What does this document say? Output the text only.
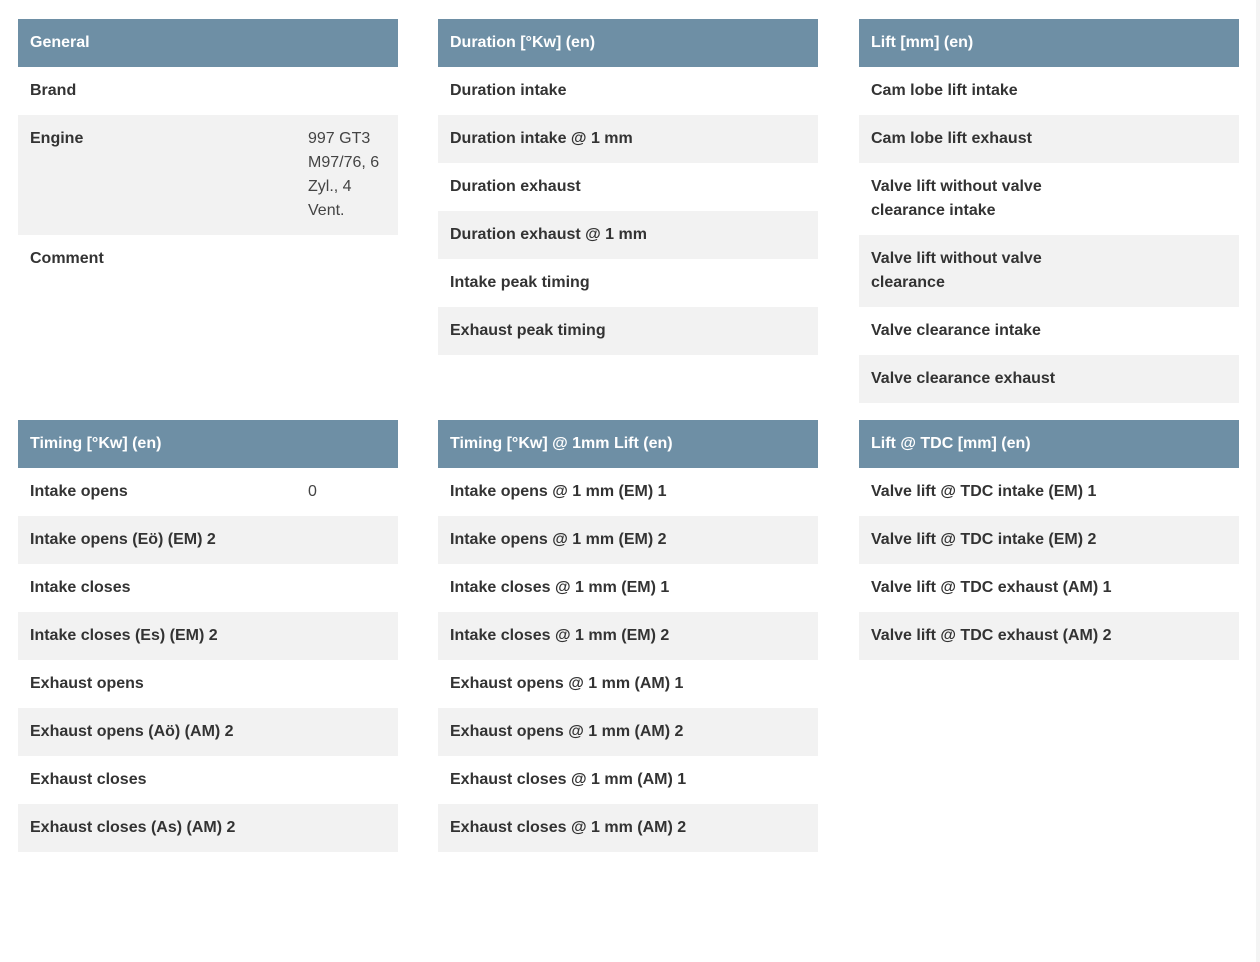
General
Brand
Engine	997 GT3 M97/76, 6 Zyl., 4 Vent.
Comment
Duration [°Kw] (en)
Duration intake
Duration intake @ 1 mm
Duration exhaust
Duration exhaust @ 1 mm
Intake peak timing
Exhaust peak timing
Lift [mm] (en)
Cam lobe lift intake
Cam lobe lift exhaust
Valve lift without valve clearance intake
Valve lift without valve clearance
Valve clearance intake
Valve clearance exhaust
Timing [°Kw] (en)
Intake opens	0
Intake opens (Eö) (EM) 2
Intake closes
Intake closes (Es) (EM) 2
Exhaust opens
Exhaust opens (Aö) (AM) 2
Exhaust closes
Exhaust closes (As) (AM) 2
Timing [°Kw] @ 1mm Lift (en)
Intake opens @ 1 mm (EM) 1
Intake opens @ 1 mm (EM) 2
Intake closes @ 1 mm (EM) 1
Intake closes @ 1 mm (EM) 2
Exhaust opens @ 1 mm (AM) 1
Exhaust opens @ 1 mm (AM) 2
Exhaust closes @ 1 mm (AM) 1
Exhaust closes @ 1 mm (AM) 2
Lift @ TDC [mm] (en)
Valve lift @ TDC intake (EM) 1
Valve lift @ TDC intake (EM) 2
Valve lift @ TDC exhaust (AM) 1
Valve lift @ TDC exhaust (AM) 2
